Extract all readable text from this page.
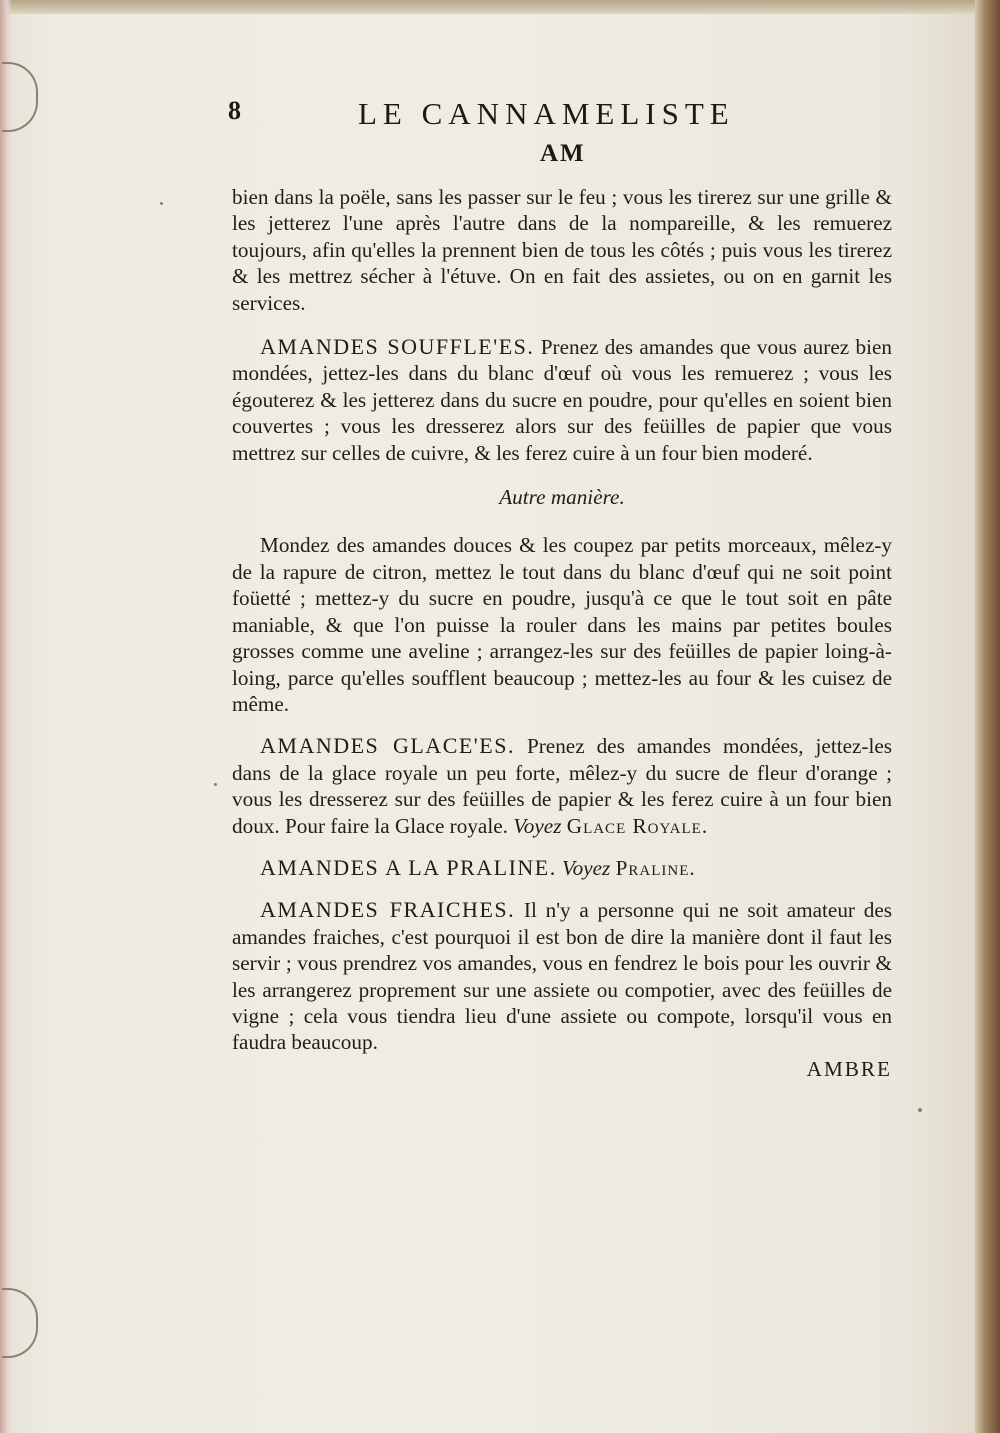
8	LE CANNAMELISTE
AM

bien dans la poële, sans les passer sur le feu ; vous les tirerez sur une grille & les jetterez l'une après l'autre dans de la nompareille, & les remuerez toujours, afin qu'elles la prennent bien de tous les côtés ; puis vous les tirerez & les mettrez sécher à l'étuve. On en fait des assietes, ou on en garnit les services.

AMANDES SOUFFLE'ES. Prenez des amandes que vous aurez bien mondées, jettez-les dans du blanc d'œuf où vous les remuerez ; vous les égouterez & les jetterez dans du sucre en poudre, pour qu'elles en soient bien couvertes ; vous les dresserez alors sur des feüilles de papier que vous mettrez sur celles de cuivre, & les ferez cuire à un four bien moderé.

Autre manière.

Mondez des amandes douces & les coupez par petits morceaux, mêlez-y de la rapure de citron, mettez le tout dans du blanc d'œuf qui ne soit point foüetté ; mettez-y du sucre en poudre, jusqu'à ce que le tout soit en pâte maniable, & que l'on puisse la rouler dans les mains par petites boules grosses comme une aveline ; arrangez-les sur des feüilles de papier loing-à-loing, parce qu'elles soufflent beaucoup ; mettez-les au four & les cuisez de même.

AMANDES GLACE'ES. Prenez des amandes mondées, jettez-les dans de la glace royale un peu forte, mêlez-y du sucre de fleur d'orange ; vous les dresserez sur des feüilles de papier & les ferez cuire à un four bien doux. Pour faire la Glace royale. Voyez Glace Royale.

AMANDES A LA PRALINE. Voyez Praline.

AMANDES FRAICHES. Il n'y a personne qui ne soit amateur des amandes fraiches, c'est pourquoi il est bon de dire la manière dont il faut les servir ; vous prendrez vos amandes, vous en fendrez le bois pour les ouvrir & les arrangerez proprement sur une assiete ou compotier, avec des feüilles de vigne ; cela vous tiendra lieu d'une assiete ou compote, lorsqu'il vous en faudra beaucoup.

AMBRE
